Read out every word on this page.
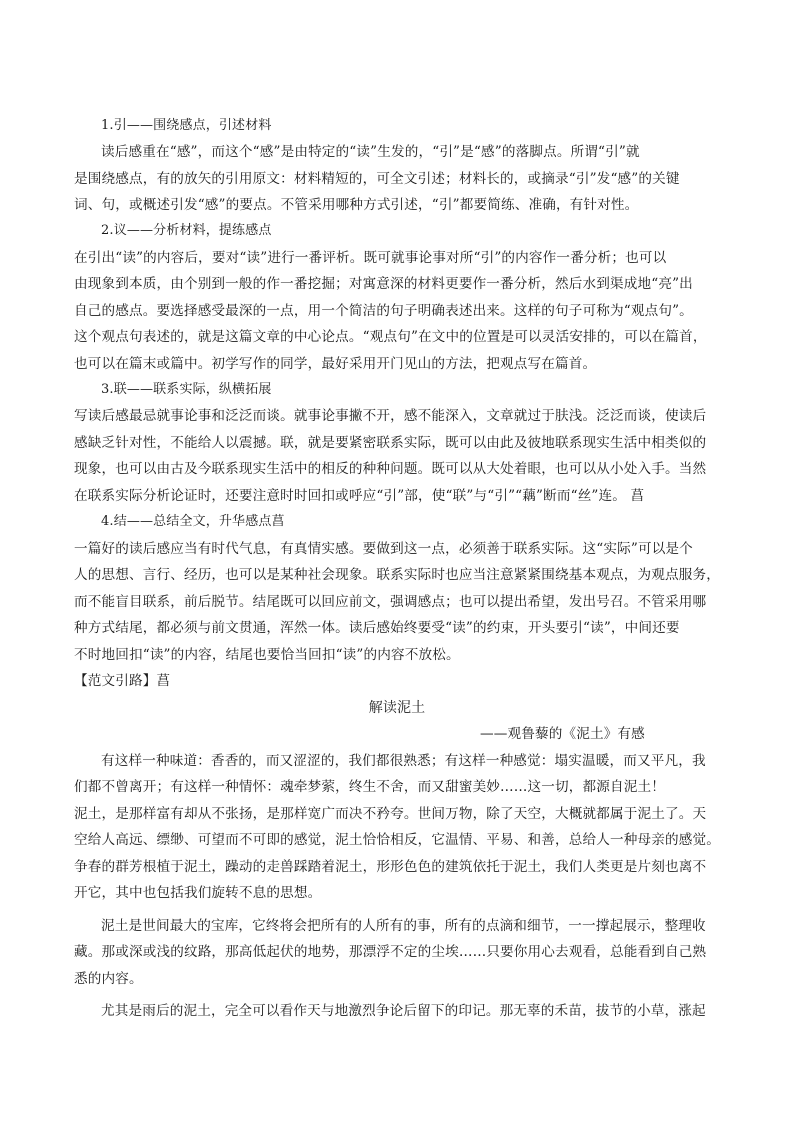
1.引——围绕感点，引述材料
读后感重在“感”，而这个“感”是由特定的“读”生发的，“引”是“感”的落脚点。所谓“引”就
是围绕感点，有的放矢的引用原文：材料精短的，可全文引述；材料长的，或摘录“引”发“感”的关键
词、句，或概述引发“感”的要点。不管采用哪种方式引述，“引”都要简练、准确，有针对性。
2.议——分析材料，提练感点
在引出“读”的内容后，要对“读”进行一番评析。既可就事论事对所“引”的内容作一番分析；也可以
由现象到本质，由个别到一般的作一番挖掘；对寓意深的材料更要作一番分析，然后水到渠成地“亮”出
自己的感点。要选择感受最深的一点，用一个简洁的句子明确表述出来。这样的句子可称为“观点句”。
这个观点句表述的，就是这篇文章的中心论点。“观点句”在文中的位置是可以灵活安排的，可以在篇首，
也可以在篇末或篇中。初学写作的同学，最好采用开门见山的方法，把观点写在篇首。
3.联——联系实际，纵横拓展
写读后感最忌就事论事和泛泛而谈。就事论事撇不开，感不能深入，文章就过于肤浅。泛泛而谈，使读后
感缺乏针对性，不能给人以震撼。联，就是要紧密联系实际，既可以由此及彼地联系现实生活中相类似的
现象，也可以由古及今联系现实生活中的相反的种种问题。既可以从大处着眼，也可以从小处入手。当然
在联系实际分析论证时，还要注意时时回扣或呼应“引”部，使“联”与“引”“藕”断而“丝”连。 菖
4.结——总结全文，升华感点菖
一篇好的读后感应当有时代气息，有真情实感。要做到这一点，必须善于联系实际。这“实际”可以是个
人的思想、言行、经历，也可以是某种社会现象。联系实际时也应当注意紧紧围绕基本观点，为观点服务，
而不能盲目联系，前后脱节。结尾既可以回应前文，强调感点；也可以提出希望，发出号召。不管采用哪
种方式结尾，都必须与前文贯通，浑然一体。读后感始终要受“读”的约束，开头要引“读”，中间还要
不时地回扣“读”的内容，结尾也要恰当回扣“读”的内容不放松。
【范文引路】菖
解读泥土
——观鲁藜的《泥土》有感
有这样一种味道：香香的，而又涩涩的，我们都很熟悉；有这样一种感觉：塌实温暖，而又平凡，我
们都不曾离开；有这样一种情怀：魂牵梦萦，终生不舍，而又甜蜜美妙……这一切，都源自泥土！
泥土，是那样富有却从不张扬，是那样宽广而决不矜夸。世间万物，除了天空，大概就都属于泥土了。天
空给人高远、缥缈、可望而不可即的感觉，泥土恰恰相反，它温情、平易、和善，总给人一种母亲的感觉。
争春的群芳根植于泥土，躁动的走兽踩踏着泥土，形形色色的建筑依托于泥土，我们人类更是片刻也离不
开它，其中也包括我们旋转不息的思想。
泥土是世间最大的宝库，它终将会把所有的人所有的事，所有的点滴和细节，一一撑起展示，整理收
藏。那或深或浅的纹路，那高低起伏的地势，那漂浮不定的尘埃……只要你用心去观看，总能看到自己熟
悉的内容。
尤其是雨后的泥土，完全可以看作天与地激烈争论后留下的印记。那无辜的禾苗，拔节的小草，涨起
